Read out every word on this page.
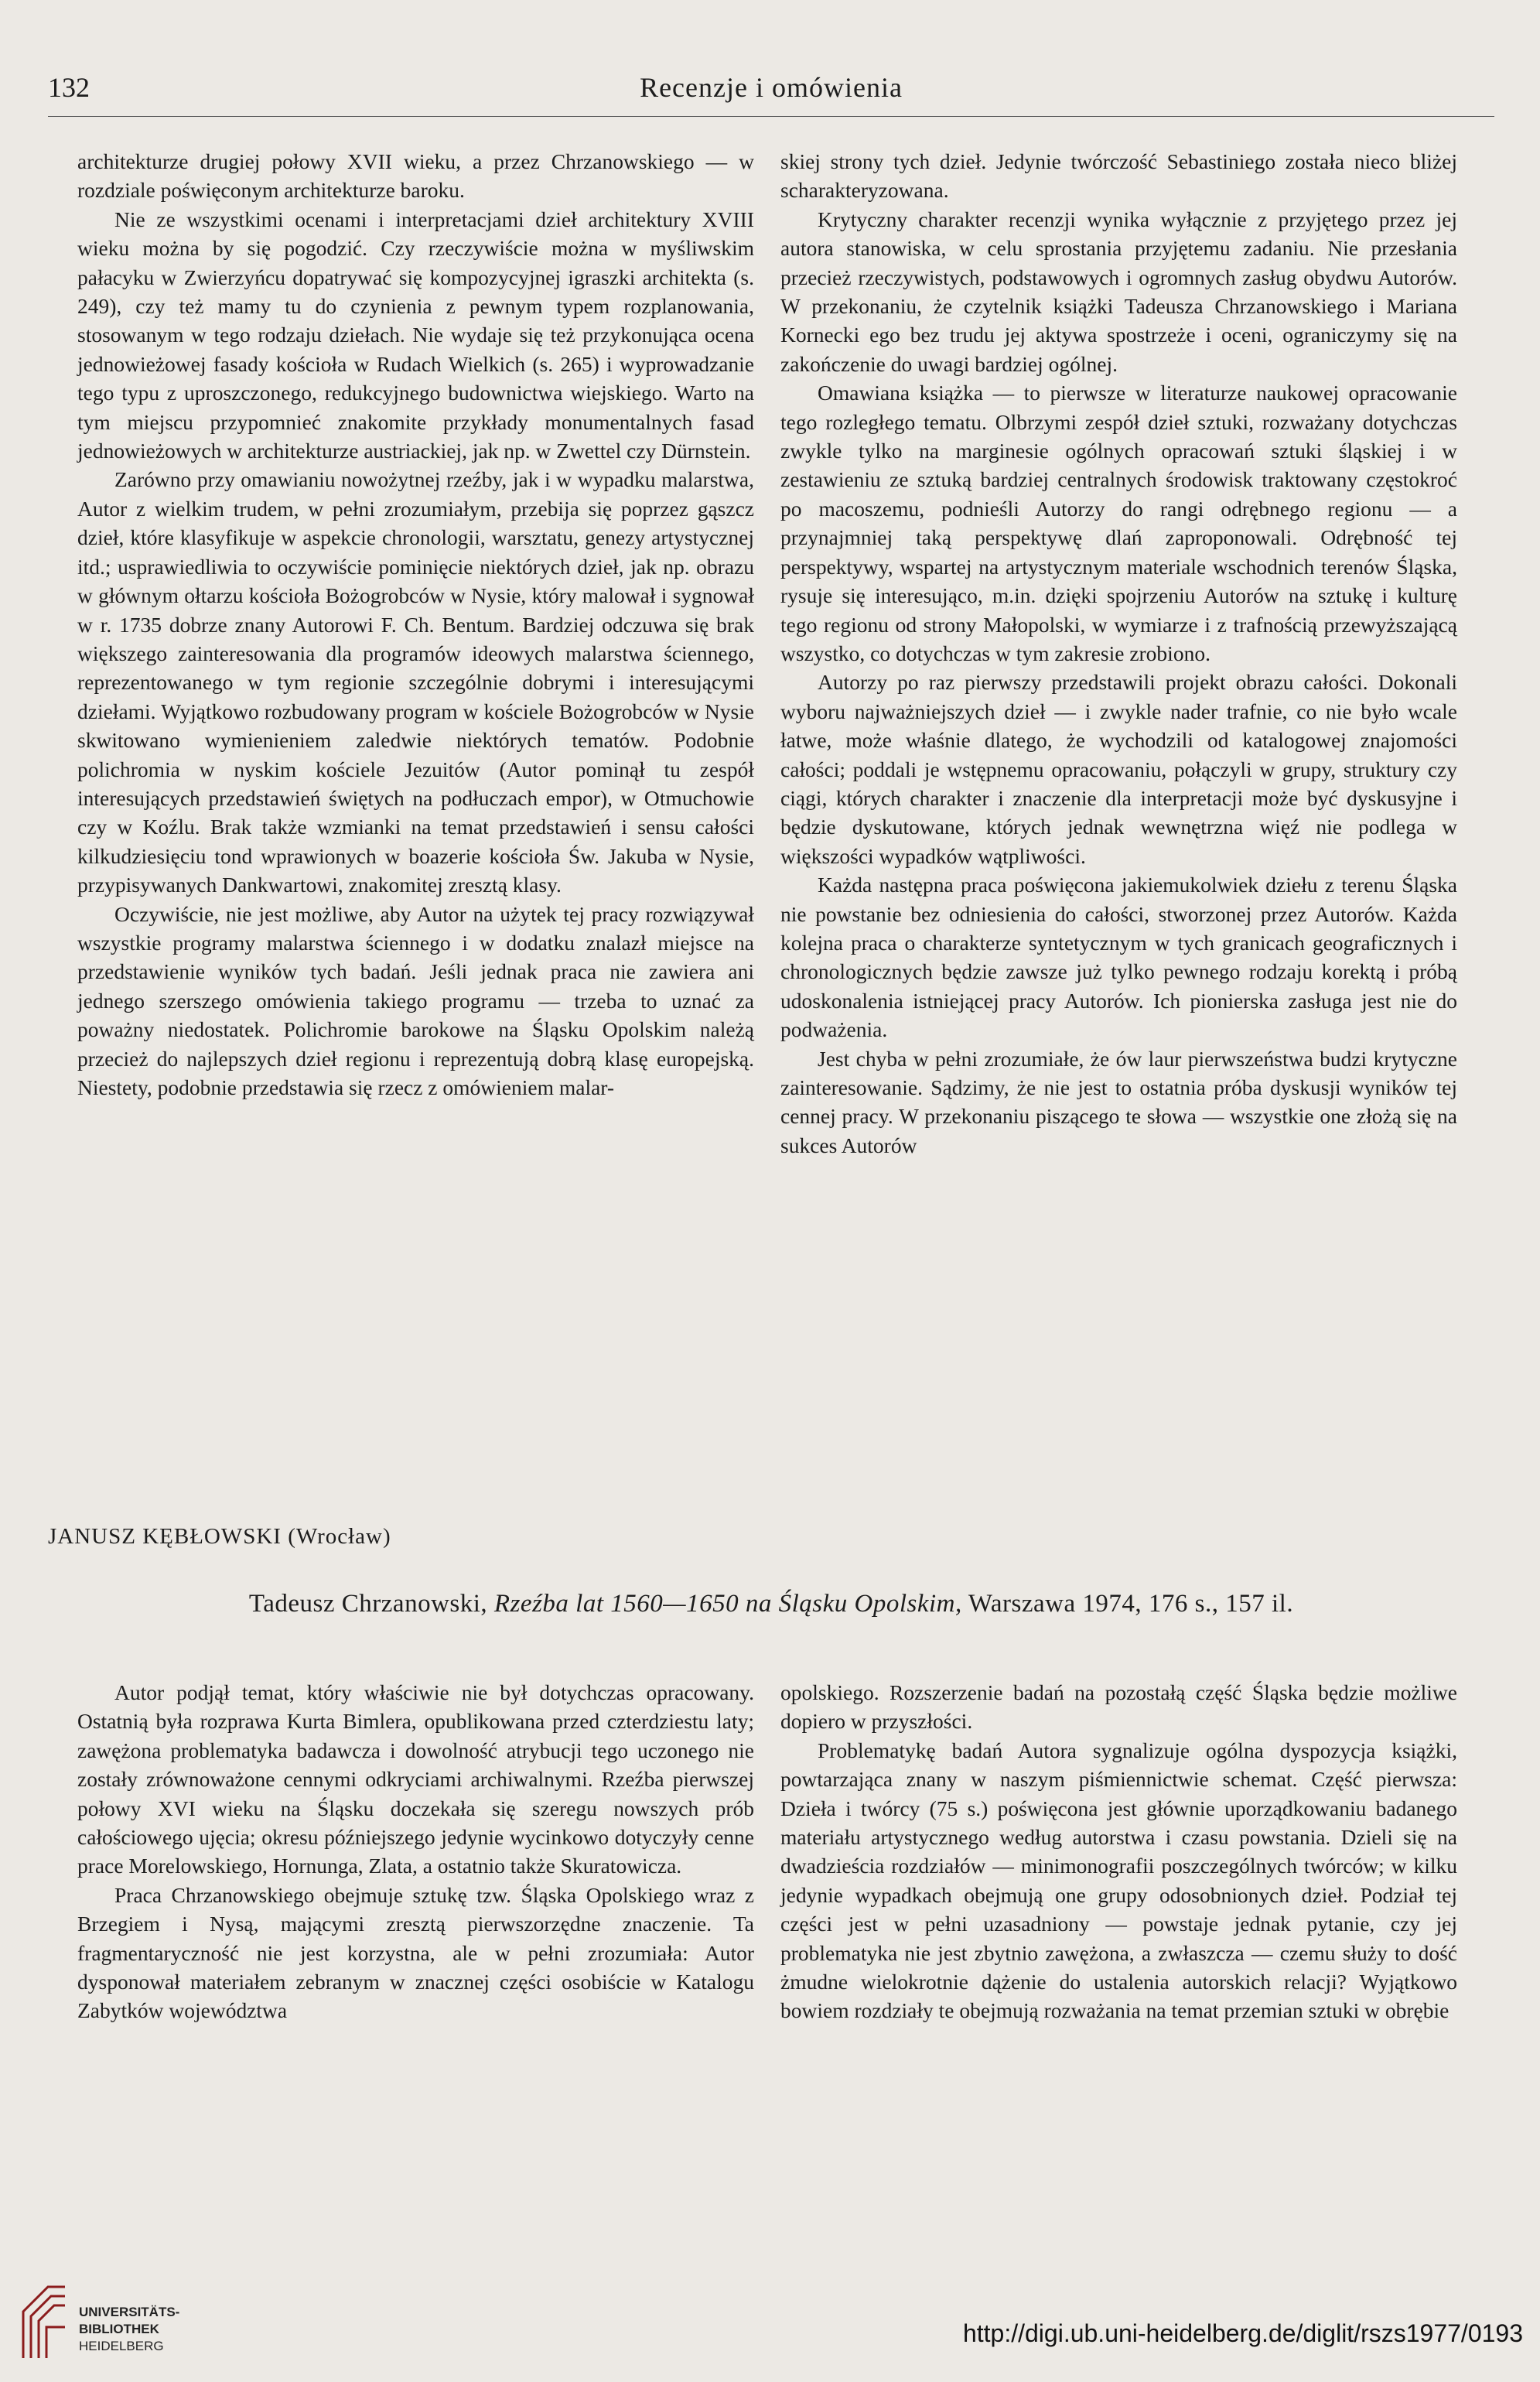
132	Recenzje i omówienia

architekturze drugiej połowy XVII wieku, a przez Chrzanowskiego — w rozdziale poświęconym architekturze baroku.

Nie ze wszystkimi ocenami i interpretacjami dzieł architektury XVIII wieku można by się pogodzić. Czy rzeczywiście można w myśliwskim pałacyku w Zwierzyńcu dopatrywać się kompozycyjnej igraszki architekta (s. 249), czy też mamy tu do czynienia z pewnym typem rozplanowania, stosowanym w tego rodzaju dziełach. Nie wydaje się też przykonująca ocena jednowieżowej fasady kościoła w Rudach Wielkich (s. 265) i wyprowadzanie tego typu z uproszczonego, redukcyjnego budownictwa wiejskiego. Warto na tym miejscu przypomnieć znakomite przykłady monumentalnych fasad jednowieżowych w architekturze austriackiej, jak np. w Zwettel czy Dürnstein.

Zarówno przy omawianiu nowożytnej rzeźby, jak i w wypadku malarstwa, Autor z wielkim trudem, w pełni zrozumiałym, przebija się poprzez gąszcz dzieł, które klasyfikuje w aspekcie chronologii, warsztatu, genezy artystycznej itd.; usprawiedliwia to oczywiście pominięcie niektórych dzieł, jak np. obrazu w głównym ołtarzu kościoła Bożogrobców w Nysie, który malował i sygnował w r. 1735 dobrze znany Autorowi F. Ch. Bentum. Bardziej odczuwa się brak większego zainteresowania dla programów ideowych malarstwa ściennego, reprezentowanego w tym regionie szczególnie dobrymi i interesującymi dziełami. Wyjątkowo rozbudowany program w kościele Bożogrobców w Nysie skwitowano wymienieniem zaledwie niektórych tematów. Podobnie polichromia w nyskim kościele Jezuitów (Autor pominął tu zespół interesujących przedstawień świętych na podłuczach empor), w Otmuchowie czy w Koźlu. Brak także wzmianki na temat przedstawień i sensu całości kilkudziesięciu tond wprawionych w boazerie kościoła Św. Jakuba w Nysie, przypisywanych Dankwartowi, znakomitej zresztą klasy.

Oczywiście, nie jest możliwe, aby Autor na użytek tej pracy rozwiązywał wszystkie programy malarstwa ściennego i w dodatku znalazł miejsce na przedstawienie wyników tych badań. Jeśli jednak praca nie zawiera ani jednego szerszego omówienia takiego programu — trzeba to uznać za poważny niedostatek. Polichromie barokowe na Śląsku Opolskim należą przecież do najlepszych dzieł regionu i reprezentują dobrą klasę europejską. Niestety, podobnie przedstawia się rzecz z omówieniem malar-

skiej strony tych dzieł. Jedynie twórczość Sebastiniego została nieco bliżej scharakteryzowana.

Krytyczny charakter recenzji wynika wyłącznie z przyjętego przez jej autora stanowiska, w celu sprostania przyjętemu zadaniu. Nie przesłania przecież rzeczywistych, podstawowych i ogromnych zasług obydwu Autorów. W przekonaniu, że czytelnik książki Tadeusza Chrzanowskiego i Mariana Kornecki ego bez trudu jej aktywa spostrzeże i oceni, ograniczymy się na zakończenie do uwagi bardziej ogólnej.

Omawiana książka — to pierwsze w literaturze naukowej opracowanie tego rozległego tematu. Olbrzymi zespół dzieł sztuki, rozważany dotychczas zwykle tylko na marginesie ogólnych opracowań sztuki śląskiej i w zestawieniu ze sztuką bardziej centralnych środowisk traktowany częstokroć po macoszemu, podnieśli Autorzy do rangi odrębnego regionu — a przynajmniej taką perspektywę dlań zaproponowali. Odrębność tej perspektywy, wspartej na artystycznym materiale wschodnich terenów Śląska, rysuje się interesująco, m.in. dzięki spojrzeniu Autorów na sztukę i kulturę tego regionu od strony Małopolski, w wymiarze i z trafnością przewyższającą wszystko, co dotychczas w tym zakresie zrobiono.

Autorzy po raz pierwszy przedstawili projekt obrazu całości. Dokonali wyboru najważniejszych dzieł — i zwykle nader trafnie, co nie było wcale łatwe, może właśnie dlatego, że wychodzili od katalogowej znajomości całości; poddali je wstępnemu opracowaniu, połączyli w grupy, struktury czy ciągi, których charakter i znaczenie dla interpretacji może być dyskusyjne i będzie dyskutowane, których jednak wewnętrzna więź nie podlega w większości wypadków wątpliwości.

Każda następna praca poświęcona jakiemukolwiek dziełu z terenu Śląska nie powstanie bez odniesienia do całości, stworzonej przez Autorów. Każda kolejna praca o charakterze syntetycznym w tych granicach geograficznych i chronologicznych będzie zawsze już tylko pewnego rodzaju korektą i próbą udoskonalenia istniejącej pracy Autorów. Ich pionierska zasługa jest nie do podważenia.

Jest chyba w pełni zrozumiałe, że ów laur pierwszeństwa budzi krytyczne zainteresowanie. Sądzimy, że nie jest to ostatnia próba dyskusji wyników tej cennej pracy. W przekonaniu piszącego te słowa — wszystkie one złożą się na sukces Autorów

JANUSZ KĘBŁOWSKI (Wrocław)
Tadeusz Chrzanowski, Rzeźba lat 1560—1650 na Śląsku Opolskim, Warszawa 1974, 176 s., 157 il.

Autor podjął temat, który właściwie nie był dotychczas opracowany. Ostatnią była rozprawa Kurta Bimlera, opublikowana przed czterdziestu laty; zawężona problematyka badawcza i dowolność atrybucji tego uczonego nie zostały zrównoważone cennymi odkryciami archiwalnymi. Rzeźba pierwszej połowy XVI wieku na Śląsku doczekała się szeregu nowszych prób całościowego ujęcia; okresu późniejszego jedynie wycinkowo dotyczyły cenne prace Morelowskiego, Hornunga, Zlata, a ostatnio także Skuratowicza.

Praca Chrzanowskiego obejmuje sztukę tzw. Śląska Opolskiego wraz z Brzegiem i Nysą, mającymi zresztą pierwszorzędne znaczenie. Ta fragmentaryczność nie jest korzystna, ale w pełni zrozumiała: Autor dysponował materiałem zebranym w znacznej części osobiście w Katalogu Zabytków województwa

opolskiego. Rozszerzenie badań na pozostałą część Śląska będzie możliwe dopiero w przyszłości.

Problematykę badań Autora sygnalizuje ogólna dyspozycja książki, powtarzająca znany w naszym piśmiennictwie schemat. Część pierwsza: Dzieła i twórcy (75 s.) poświęcona jest głównie uporządkowaniu badanego materiału artystycznego według autorstwa i czasu powstania. Dzieli się na dwadzieścia rozdziałów — minimonografii poszczególnych twórców; w kilku jedynie wypadkach obejmują one grupy odosobnionych dzieł. Podział tej części jest w pełni uzasadniony — powstaje jednak pytanie, czy jej problematyka nie jest zbytnio zawężona, a zwłaszcza — czemu służy to dość żmudne wielokrotnie dążenie do ustalenia autorskich relacji? Wyjątkowo bowiem rozdziały te obejmują rozważania na temat przemian sztuki w obrębie

UNIVERSITÄTS-
BIBLIOTHEK
HEIDELBERG	http://digi.ub.uni-heidelberg.de/diglit/rszs1977/0193
